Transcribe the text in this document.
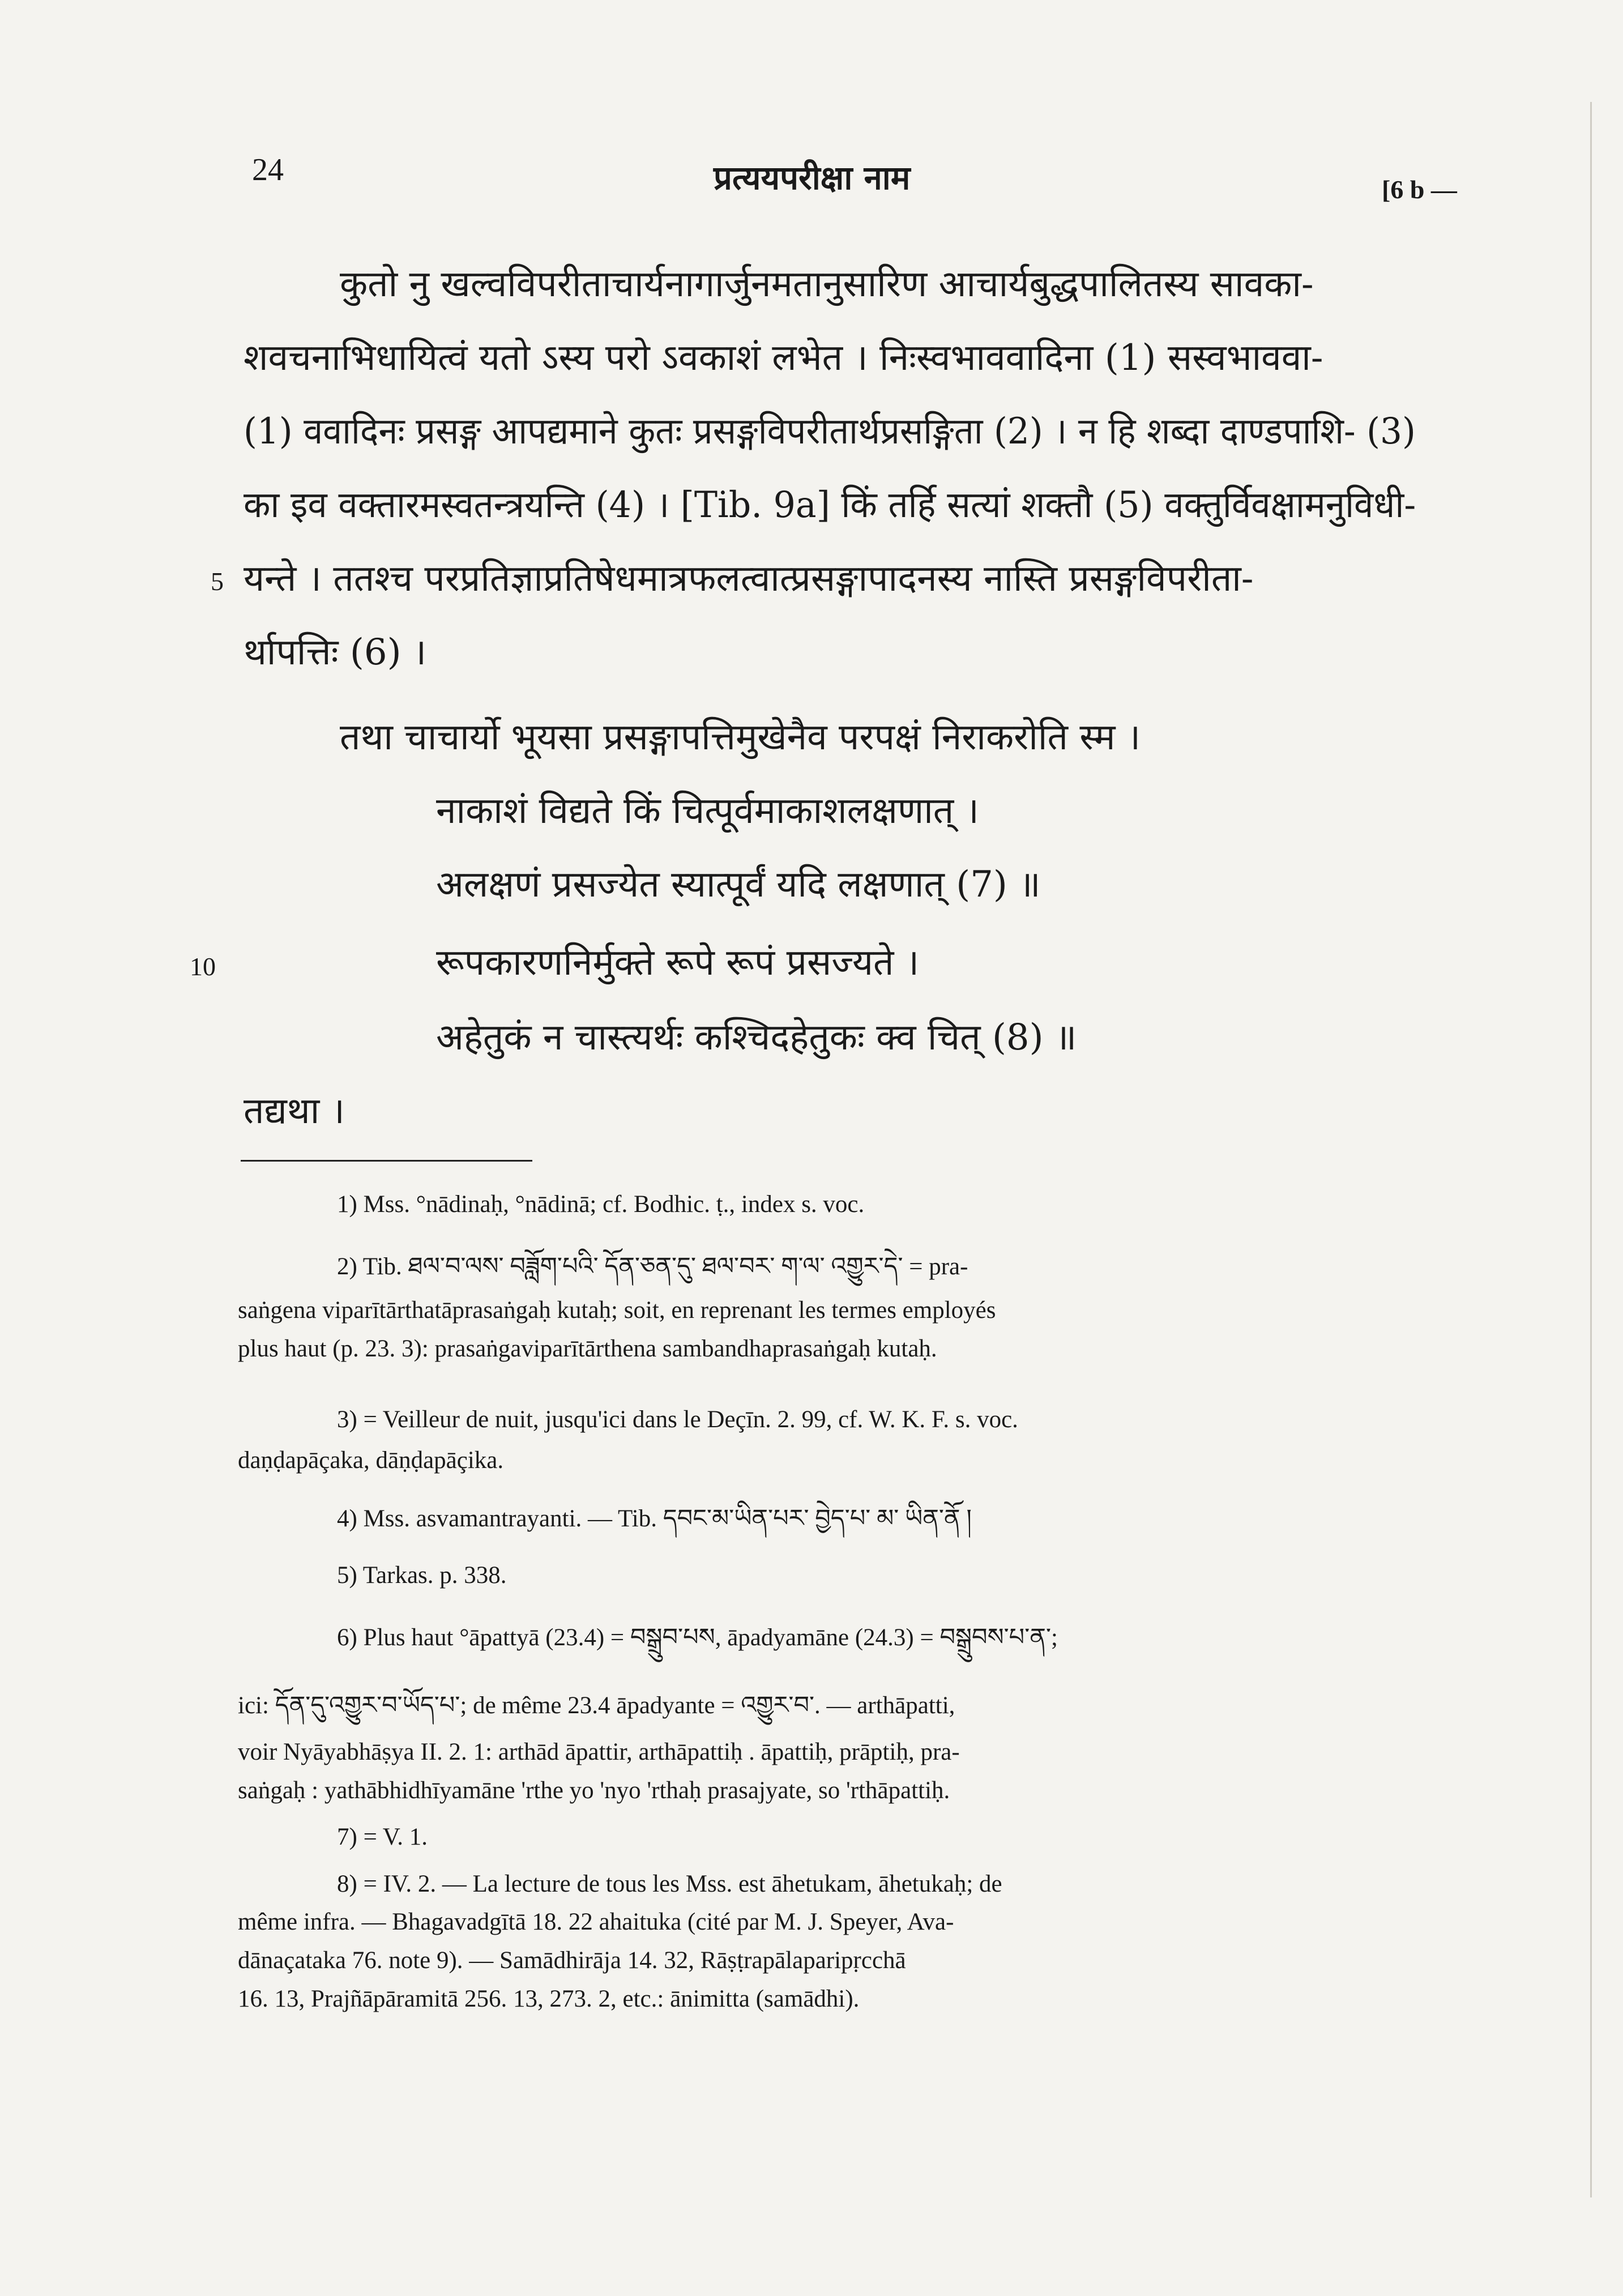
24	प्रत्ययपरीक्षा नाम	[6 b —
कुतो नु खल्वविपरीताचार्यनागार्जुनमतानुसारिण आचार्यबुद्धपालितस्य सावका-
शवचनाभिधायित्वं यतो ऽस्य परो ऽवकाशं लभेत । निःस्वभाववादिना (1) सस्वभाववा-
(1) ववादिनः प्रसङ्ग आपद्यमाने कुतः प्रसङ्गविपरीतार्थप्रसङ्गिता (2) । न हि शब्दा दाण्डपाशि- (3)
का इव वक्तारमस्वतन्त्रयन्ति (4) । [Tib. 9a] किं तर्हि सत्यां शक्तौ (5) वक्तुर्विवक्षामनुविधी-
5 यन्ते । ततश्च परप्रतिज्ञाप्रतिषेधमात्रफलत्वात्प्रसङ्गापादनस्य नास्ति प्रसङ्गविपरीता-
र्थापत्तिः (6) ।
तथा चाचार्यो भूयसा प्रसङ्गापत्तिमुखेनैव परपक्षं निराकरोति स्म ।
नाकाशं विद्यते किं चित्पूर्वमाकाशलक्षणात् ।
अलक्षणं प्रसज्येत स्यात्पूर्वं यदि लक्षणात् (7) ॥
10	रूपकारणनिर्मुक्ते रूपे रूपं प्रसज्यते ।
अहेतुकं न चास्त्यर्थः कश्चिदहेतुकः क्व चित् (8) ॥
तद्यथा ।
1) Mss. °nādinaḥ, °nādinā; cf. Bodhic. ṭ., index s. voc.
2) Tib. ཐལ་བ་ལས་ བཟློག་པའི་ དོན་ཅན་དུ་ ཐལ་བར་ ག་ལ་ འགྱུར་དེ་ = pra-
saṅgena viparītārthatāprasaṅgaḥ kutaḥ; soit, en reprenant les termes employés
plus haut (p. 23. 3): prasaṅgaviparītārthena sambandhaprasaṅgaḥ kutaḥ.
3) = Veilleur de nuit, jusqu'ici dans le Deçīn. 2. 99, cf. W. K. F. s. voc.
daṇḍapāçaka, dāṇḍapāçika.
4) Mss. asvamantrayanti. — Tib. དབང་མ་ཡིན་པར་ བྱེད་པ་ མ་ ཡིན་ནོ །
5) Tarkas. p. 338.
6) Plus haut °āpattyā (23.4) = བསྒྲུབ་པས, āpadyamāne (24.3) = བསྒྲུབས་པ་ན་;
ici: དོན་དུ་འགྱུར་བ་ཡོད་པ་; de même 23.4 āpadyante = འགྱུར་བ་. — arthāpatti,
voir Nyāyabhāṣya II. 2. 1: arthād āpattir, arthāpattiḥ . āpattiḥ, prāptiḥ, pra-
saṅgaḥ : yathābhidhīyamāne 'rthe yo 'nyo 'rthaḥ prasajyate, so 'rthāpattiḥ.
7) = V. 1.
8) = IV. 2. — La lecture de tous les Mss. est āhetukam, āhetukaḥ; de
même infra. — Bhagavadgītā 18. 22 ahaituka (cité par M. J. Speyer, Ava-
dānaçataka 76. note 9). — Samādhirāja 14. 32, Rāṣṭrapālaparipṛcchā
16. 13, Prajñāpāramitā 256. 13, 273. 2, etc.: ānimitta (samādhi).
